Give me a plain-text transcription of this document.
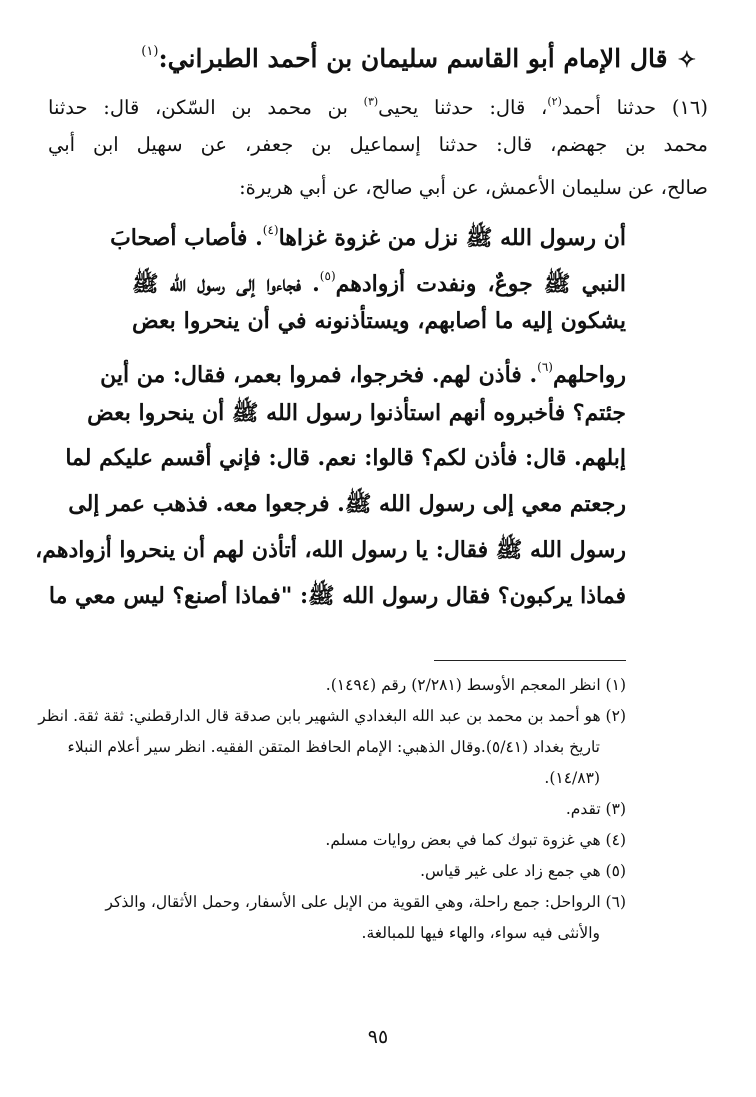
✧قال الإمام أبو القاسم سليمان بن أحمد الطبراني:$^{(١)}$
(١٦) حدثنا أحمد$^{(٢)}$، قال: حدثنا يحيى$^{(٣)}$ بن محمد بن السّكن، قال: حدثنا
محمد بن جهضم، قال: حدثنا إسماعيل بن جعفر، عن سهيل ابن أبي
صالح، عن سليمان الأعمش، عن أبي صالح، عن أبي هريرة:
أن رسول الله ﷺ نزل من غزوة غزاها$^{(٤)}$. فأصاب أصحابَ
النبي ﷺ جوعٌ، ونفدت أزوادهم$^{(٥)}$. فجاءوا إلى رسول الله ﷺ
يشكون إليه ما أصابهم، ويستأذنونه في أن ينحروا بعض
رواحلهم$^{(٦)}$. فأذن لهم. فخرجوا، فمروا بعمر، فقال: من أين
جئتم؟ فأخبروه أنهم استأذنوا رسول الله ﷺ أن ينحروا بعض
إبلهم. قال: فأذن لكم؟ قالوا: نعم. قال: فإني أقسم عليكم لما
رجعتم معي إلى رسول الله ﷺ. فرجعوا معه. فذهب عمر إلى
رسول الله ﷺ فقال: يا رسول الله، أتأذن لهم أن ينحروا أزوادهم،
فماذا يركبون؟ فقال رسول الله ﷺ: "فماذا أصنع؟ ليس معي ما
(١) انظر المعجم الأوسط (٢/٢٨١) رقم (١٤٩٤).
(٢) هو أحمد بن محمد بن عبد الله البغدادي الشهير بابن صدقة قال الدارقطني: ثقة ثقة. انظر
تاريخ بغداد (٥/٤١).وقال الذهبي: الإمام الحافظ المتقن الفقيه. انظر سير أعلام النبلاء
(١٤/٨٣).
(٣) تقدم.
(٤) هي غزوة تبوك كما في بعض روايات مسلم.
(٥) هي جمع زاد على غير قياس.
(٦) الرواحل: جمع راحلة، وهي القوية من الإبل على الأسفار، وحمل الأثقال، والذكر
والأنثى فيه سواء، والهاء فيها للمبالغة.
٩٥
